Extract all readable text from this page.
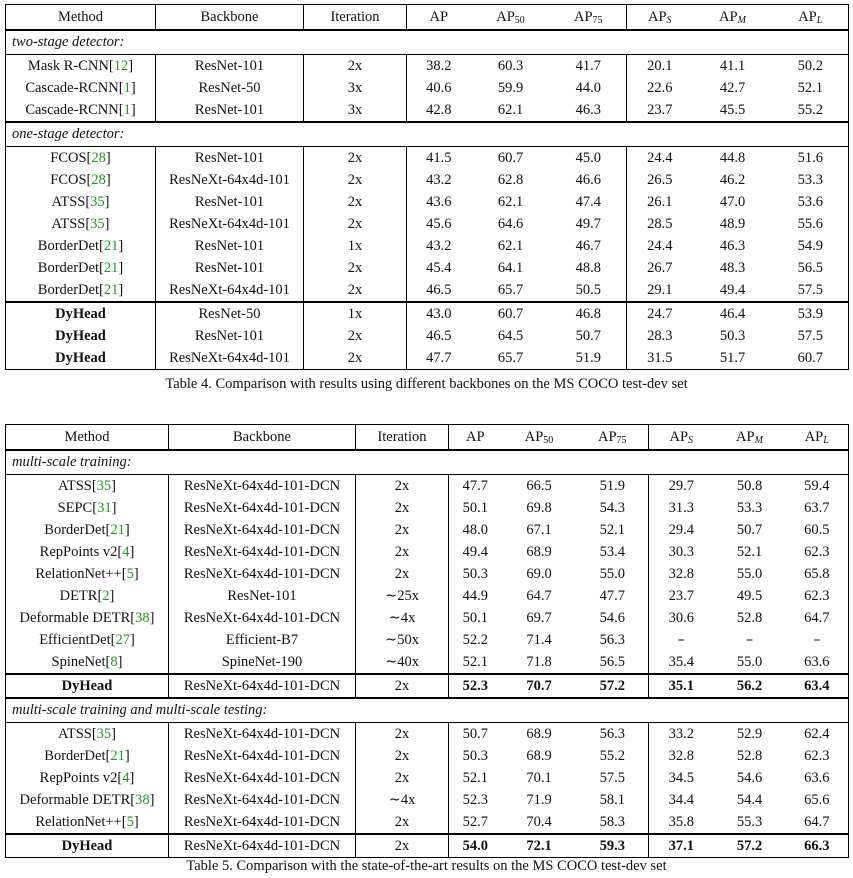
Method	Backbone	Iteration	AP	$AP_{50}$	$AP_{75}$	$AP_S$	$AP_M$	$AP_L$
two-stage detector:								
Mask R-CNN[12]	ResNet-101	2x	38.2	60.3	41.7	20.1	41.1	50.2
Cascade-RCNN[1]	ResNet-50	3x	40.6	59.9	44.0	22.6	42.7	52.1
Cascade-RCNN[1]	ResNet-101	3x	42.8	62.1	46.3	23.7	45.5	55.2
one-stage detector:								
FCOS[28]	ResNet-101	2x	41.5	60.7	45.0	24.4	44.8	51.6
FCOS[28]	ResNeXt-64x4d-101	2x	43.2	62.8	46.6	26.5	46.2	53.3
ATSS[35]	ResNet-101	2x	43.6	62.1	47.4	26.1	47.0	53.6
ATSS[35]	ResNeXt-64x4d-101	2x	45.6	64.6	49.7	28.5	48.9	55.6
BorderDet[21]	ResNet-101	1x	43.2	62.1	46.7	24.4	46.3	54.9
BorderDet[21]	ResNet-101	2x	45.4	64.1	48.8	26.7	48.3	56.5
BorderDet[21]	ResNeXt-64x4d-101	2x	46.5	65.7	50.5	29.1	49.4	57.5
DyHead	ResNet-50	1x	43.0	60.7	46.8	24.7	46.4	53.9
DyHead	ResNet-101	2x	46.5	64.5	50.7	28.3	50.3	57.5
DyHead	ResNeXt-64x4d-101	2x	47.7	65.7	51.9	31.5	51.7	60.7
Table 4. Comparison with results using different backbones on the MS COCO test-dev set
Method	Backbone	Iteration	AP	$AP_{50}$	$AP_{75}$	$AP_S$	$AP_M$	$AP_L$
multi-scale training:								
ATSS[35]	ResNeXt-64x4d-101-DCN	2x	47.7	66.5	51.9	29.7	50.8	59.4
SEPC[31]	ResNeXt-64x4d-101-DCN	2x	50.1	69.8	54.3	31.3	53.3	63.7
BorderDet[21]	ResNeXt-64x4d-101-DCN	2x	48.0	67.1	52.1	29.4	50.7	60.5
RepPoints v2[4]	ResNeXt-64x4d-101-DCN	2x	49.4	68.9	53.4	30.3	52.1	62.3
RelationNet++[5]	ResNeXt-64x4d-101-DCN	2x	50.3	69.0	55.0	32.8	55.0	65.8
DETR[2]	ResNet-101	∼25x	44.9	64.7	47.7	23.7	49.5	62.3
Deformable DETR[38]	ResNeXt-64x4d-101-DCN	∼4x	50.1	69.7	54.6	30.6	52.8	64.7
EfficientDet[27]	Efficient-B7	∼50x	52.2	71.4	56.3	–	–	–
SpineNet[8]	SpineNet-190	∼40x	52.1	71.8	56.5	35.4	55.0	63.6
DyHead	ResNeXt-64x4d-101-DCN	2x	52.3	70.7	57.2	35.1	56.2	63.4
multi-scale training and multi-scale testing:								
ATSS[35]	ResNeXt-64x4d-101-DCN	2x	50.7	68.9	56.3	33.2	52.9	62.4
BorderDet[21]	ResNeXt-64x4d-101-DCN	2x	50.3	68.9	55.2	32.8	52.8	62.3
RepPoints v2[4]	ResNeXt-64x4d-101-DCN	2x	52.1	70.1	57.5	34.5	54.6	63.6
Deformable DETR[38]	ResNeXt-64x4d-101-DCN	∼4x	52.3	71.9	58.1	34.4	54.4	65.6
RelationNet++[5]	ResNeXt-64x4d-101-DCN	2x	52.7	70.4	58.3	35.8	55.3	64.7
DyHead	ResNeXt-64x4d-101-DCN	2x	54.0	72.1	59.3	37.1	57.2	66.3
Table 5. Comparison with the state-of-the-art results on the MS COCO test-dev set
